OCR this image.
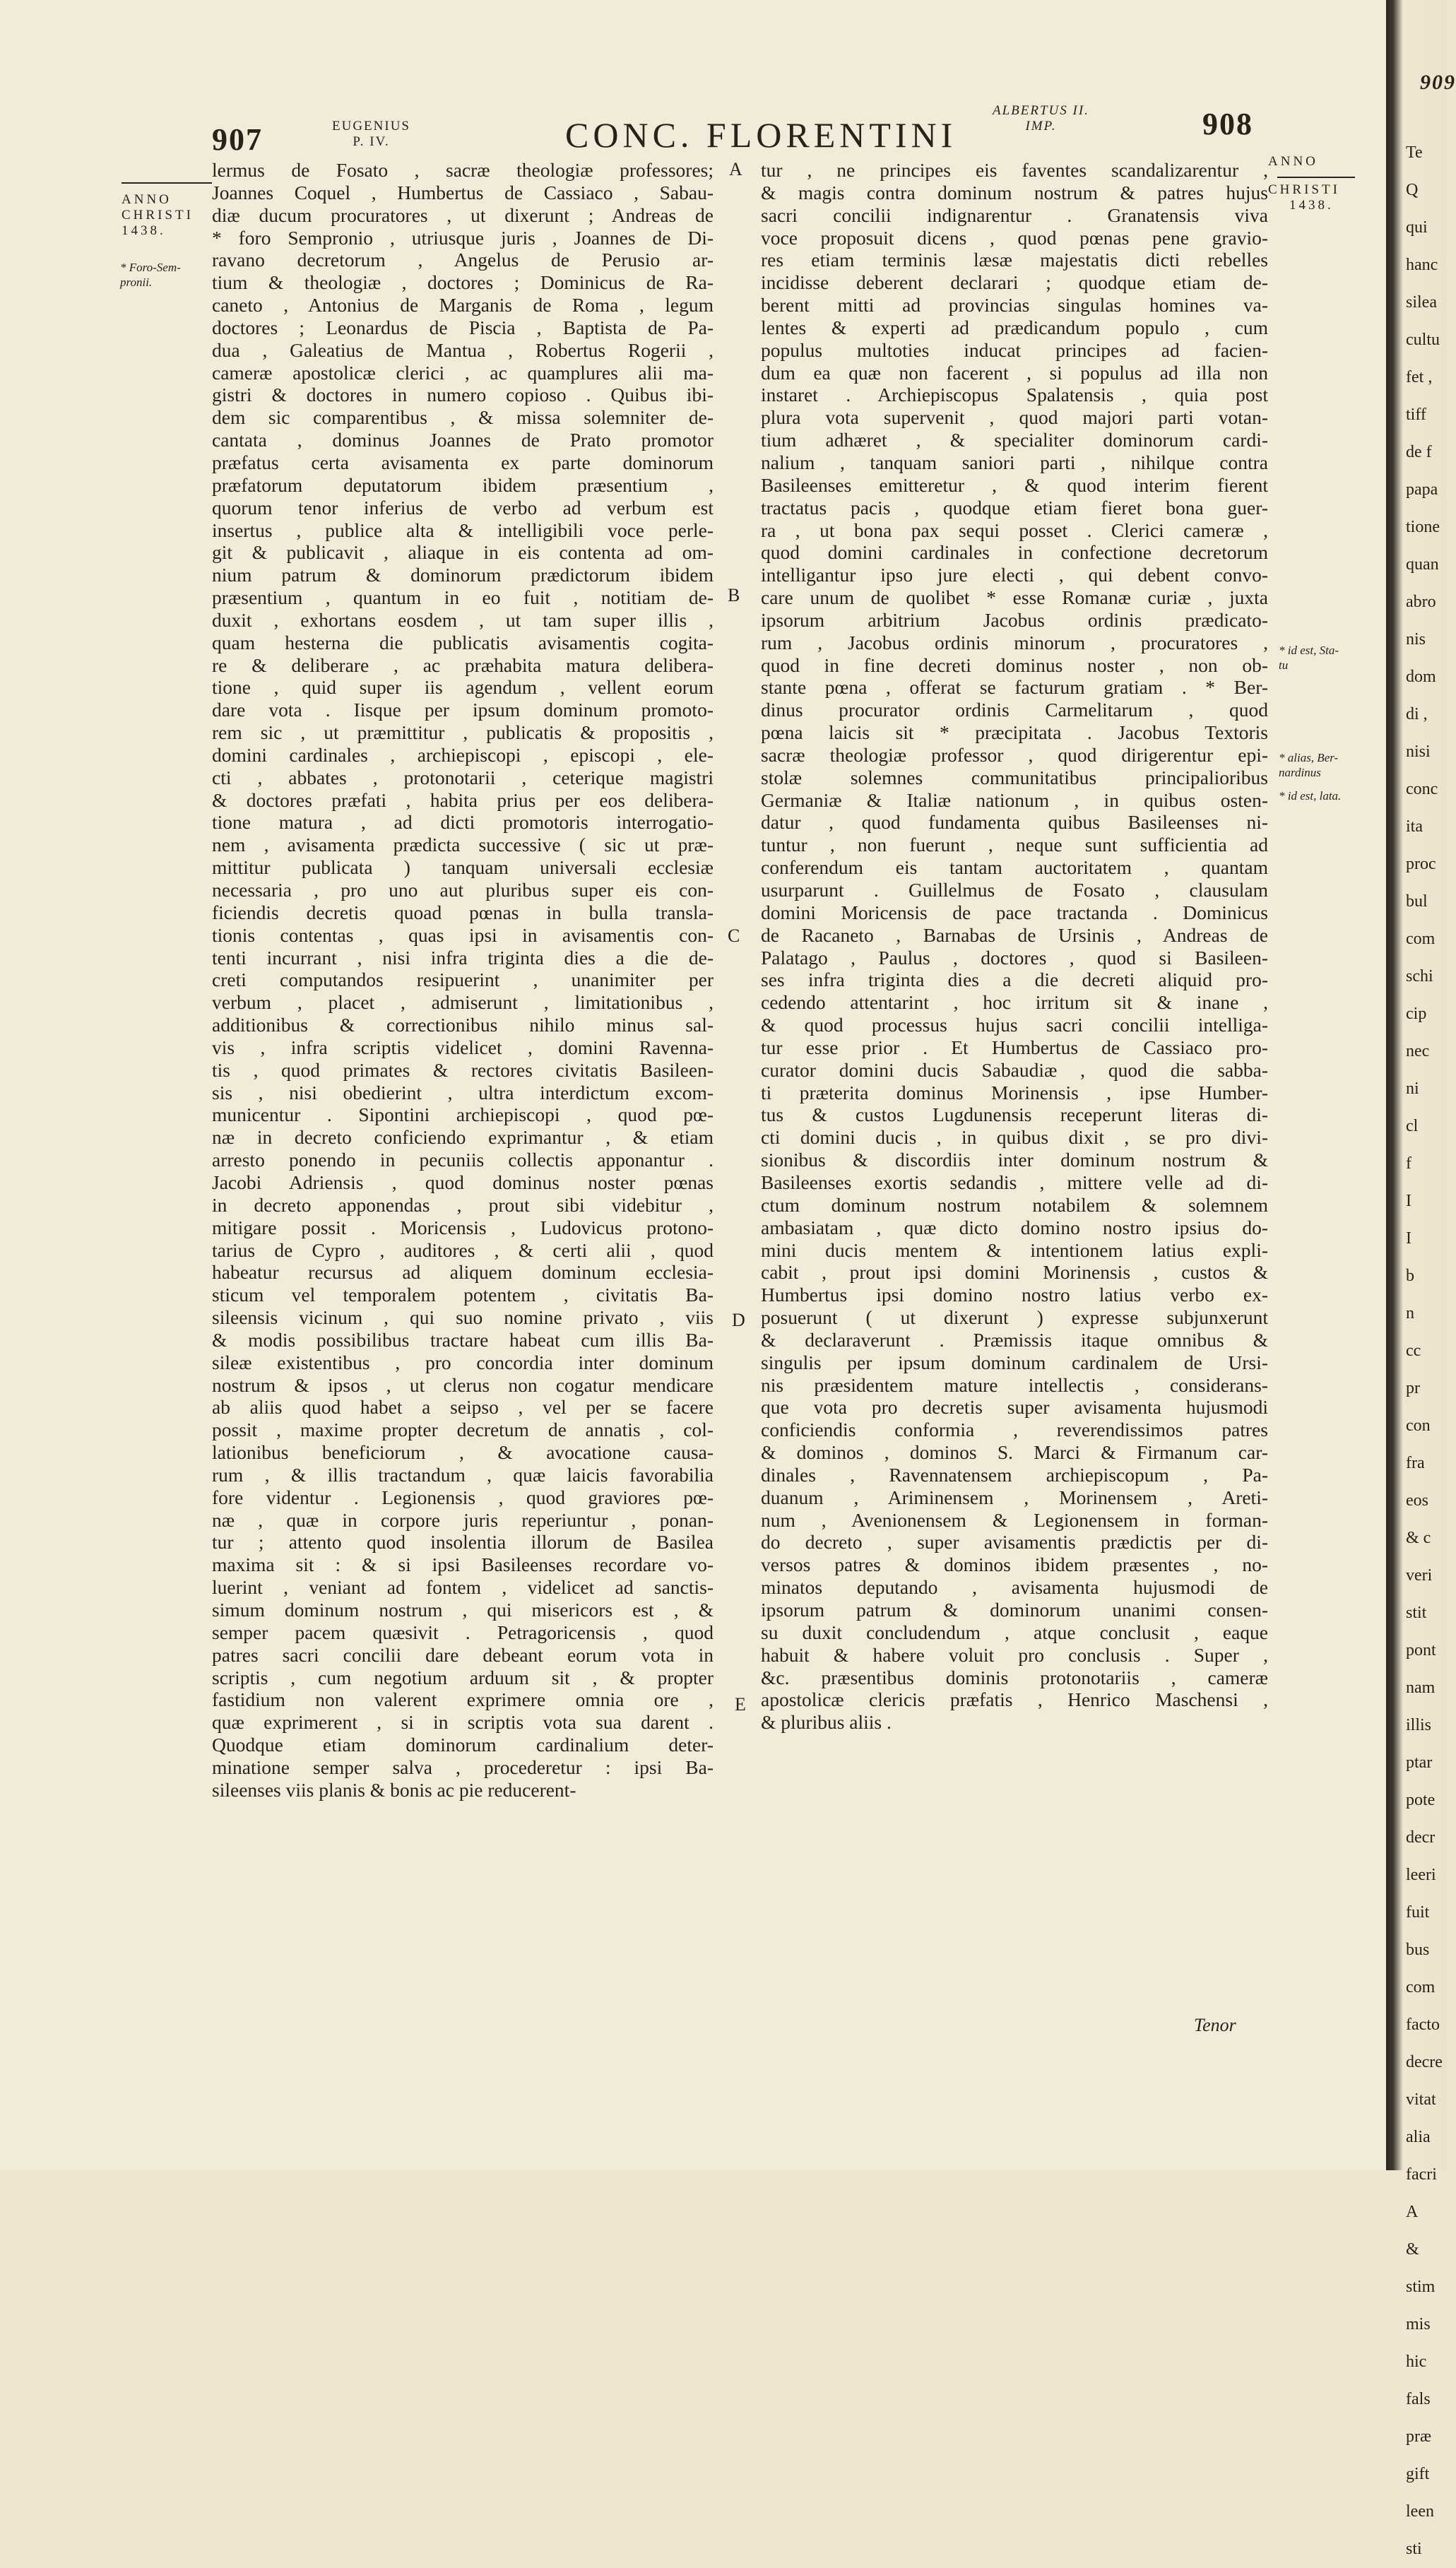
907	EUGENIUS
P. IV.	CONC. FLORENTINI
ALBERTUS II.
IMP.	908
909
ANNO
CHRISTI
1438.
* Foro-Sem-
pronii.
A
B
C
D
E
lermus de Fosato , sacræ theologiæ professores;
Joannes Coquel , Humbertus de Cassiaco , Sabau-
diæ ducum procuratores , ut dixerunt ; Andreas de
* foro Sempronio , utriusque juris , Joannes de Di-
ravano decretorum , Angelus de Perusio ar-
tium & theologiæ , doctores ; Dominicus de Ra-
caneto , Antonius de Marganis de Roma , legum
doctores ; Leonardus de Piscia , Baptista de Pa-
dua , Galeatius de Mantua , Robertus Rogerii ,
cameræ apostolicæ clerici , ac quamplures alii ma-
gistri & doctores in numero copioso . Quibus ibi-
dem sic comparentibus , & missa solemniter de-
cantata , dominus Joannes de Prato promotor
præfatus certa avisamenta ex parte dominorum
præfatorum deputatorum ibidem præsentium ,
quorum tenor inferius de verbo ad verbum est
insertus , publice alta & intelligibili voce perle-
git & publicavit , aliaque in eis contenta ad om-
nium patrum & dominorum prædictorum ibidem
præsentium , quantum in eo fuit , notitiam de-
duxit , exhortans eosdem , ut tam super illis ,
quam hesterna die publicatis avisamentis cogita-
re & deliberare , ac præhabita matura delibera-
tione , quid super iis agendum , vellent eorum
dare vota . Iisque per ipsum dominum promoto-
rem sic , ut præmittitur , publicatis & propositis ,
domini cardinales , archiepiscopi , episcopi , ele-
cti , abbates , protonotarii , ceterique magistri
& doctores præfati , habita prius per eos delibera-
tione matura , ad dicti promotoris interrogatio-
nem , avisamenta prædicta successive ( sic ut præ-
mittitur publicata ) tanquam universali ecclesiæ
necessaria , pro uno aut pluribus super eis con-
ficiendis decretis quoad pœnas in bulla transla-
tionis contentas , quas ipsi in avisamentis con-
tenti incurrant , nisi infra triginta dies a die de-
creti computandos resipuerint , unanimiter per
verbum , placet , admiserunt , limitationibus ,
additionibus & correctionibus nihilo minus sal-
vis , infra scriptis videlicet , domini Ravenna-
tis , quod primates & rectores civitatis Basileen-
sis , nisi obedierint , ultra interdictum excom-
municentur . Sipontini archiepiscopi , quod pœ-
næ in decreto conficiendo exprimantur , & etiam
arresto ponendo in pecuniis collectis apponantur .
Jacobi Adriensis , quod dominus noster pœnas
in decreto apponendas , prout sibi videbitur ,
mitigare possit . Moricensis , Ludovicus protono-
tarius de Cypro , auditores , & certi alii , quod
habeatur recursus ad aliquem dominum ecclesia-
sticum vel temporalem potentem , civitatis Ba-
sileensis vicinum , qui suo nomine privato , viis
& modis possibilibus tractare habeat cum illis Ba-
sileæ existentibus , pro concordia inter dominum
nostrum & ipsos , ut clerus non cogatur mendicare
ab aliis quod habet a seipso , vel per se facere
possit , maxime propter decretum de annatis , col-
lationibus beneficiorum , & avocatione causa-
rum , & illis tractandum , quæ laicis favorabilia
fore videntur . Legionensis , quod graviores pœ-
næ , quæ in corpore juris reperiuntur , ponan-
tur ; attento quod insolentia illorum de Basilea
maxima sit : & si ipsi Basileenses recordare vo-
luerint , veniant ad fontem , videlicet ad sanctis-
simum dominum nostrum , qui misericors est , &
semper pacem quæsivit . Petragoricensis , quod
patres sacri concilii dare debeant eorum vota in
scriptis , cum negotium arduum sit , & propter
fastidium non valerent exprimere omnia ore ,
quæ exprimerent , si in scriptis vota sua darent .
Quodque etiam dominorum cardinalium deter-
minatione semper salva , procederetur : ipsi Ba-
sileenses viis planis & bonis ac pie reducerent-
tur , ne principes eis faventes scandalizarentur ,
& magis contra dominum nostrum & patres hujus
sacri concilii indignarentur . Granatensis viva
voce proposuit dicens , quod pœnas pene gravio-
res etiam terminis læsæ majestatis dicti rebelles
incidisse deberent declarari ; quodque etiam de-
berent mitti ad provincias singulas homines va-
lentes & experti ad prædicandum populo , cum
populus multoties inducat principes ad facien-
dum ea quæ non facerent , si populus ad illa non
instaret . Archiepiscopus Spalatensis , quia post
plura vota supervenit , quod majori parti votan-
tium adhæret , & specialiter dominorum cardi-
nalium , tanquam saniori parti , nihilque contra
Basileenses emitteretur , & quod interim fierent
tractatus pacis , quodque etiam fieret bona guer-
ra , ut bona pax sequi posset . Clerici cameræ ,
quod domini cardinales in confectione decretorum
intelligantur ipso jure electi , qui debent convo-
care unum de quolibet * esse Romanæ curiæ , juxta
ipsorum arbitrium Jacobus ordinis prædicato-
rum , Jacobus ordinis minorum , procuratores ,
quod in fine decreti dominus noster , non ob-
stante pœna , offerat se facturum gratiam . * Ber-
dinus procurator ordinis Carmelitarum , quod
pœna laicis sit * præcipitata . Jacobus Textoris
sacræ theologiæ professor , quod dirigerentur epi-
stolæ solemnes communitatibus principalioribus
Germaniæ & Italiæ nationum , in quibus osten-
datur , quod fundamenta quibus Basileenses ni-
tuntur , non fuerunt , neque sunt sufficientia ad
conferendum eis tantam auctoritatem , quantam
usurparunt . Guillelmus de Fosato , clausulam
domini Moricensis de pace tractanda . Dominicus
de Racaneto , Barnabas de Ursinis , Andreas de
Palatago , Paulus , doctores , quod si Basileen-
ses infra triginta dies a die decreti aliquid pro-
cedendo attentarint , hoc irritum sit & inane ,
& quod processus hujus sacri concilii intelliga-
tur esse prior . Et Humbertus de Cassiaco pro-
curator domini ducis Sabaudiæ , quod die sabba-
ti præterita dominus Morinensis , ipse Humber-
tus & custos Lugdunensis receperunt literas di-
cti domini ducis , in quibus dixit , se pro divi-
sionibus & discordiis inter dominum nostrum &
Basileenses exortis sedandis , mittere velle ad di-
ctum dominum nostrum notabilem & solemnem
ambasiatam , quæ dicto domino nostro ipsius do-
mini ducis mentem & intentionem latius expli-
cabit , prout ipsi domini Morinensis , custos &
Humbertus ipsi domino nostro latius verbo ex-
posuerunt ( ut dixerunt ) expresse subjunxerunt
& declaraverunt . Præmissis itaque omnibus &
singulis per ipsum dominum cardinalem de Ursi-
nis præsidentem mature intellectis , considerans-
que vota pro decretis super avisamenta hujusmodi
conficiendis conformia , reverendissimos patres
& dominos , dominos S. Marci & Firmanum car-
dinales , Ravennatensem archiepiscopum , Pa-
duanum , Ariminensem , Morinensem , Areti-
num , Avenionensem & Legionensem in forman-
do decreto , super avisamentis prædictis per di-
versos patres & dominos ibidem præsentes , no-
minatos deputando , avisamenta hujusmodi de
ipsorum patrum & dominorum unanimi consen-
su duxit concludendum , atque conclusit , eaque
habuit & habere voluit pro conclusis . Super ,
&c. præsentibus dominis protonotariis , cameræ
apostolicæ clericis præfatis , Henrico Maschensi ,
& pluribus aliis .
ANNO
CHRISTI
1438.
* id est, Sta-
tu
* alias, Ber-
nardinus
* id est, lata.
Tenor
Te
Q
qui
hanc
silea
cultu
fet ,
tiff
de f
papa
tione
quan
abro
nis
dom
di ,
nisi
conc
ita
proc
bul
com
schi
cip
nec
ni
cl
f
I
I
b
n
cc
pr
con
fra
eos
& c
veri
stit
pont
nam
illis
ptar
pote
decr
leeri
fuit
bus
com
facto
decre
vitat
alia
facri
A
&
stim
mis
hic
fals
præ
gift
leen
sti
